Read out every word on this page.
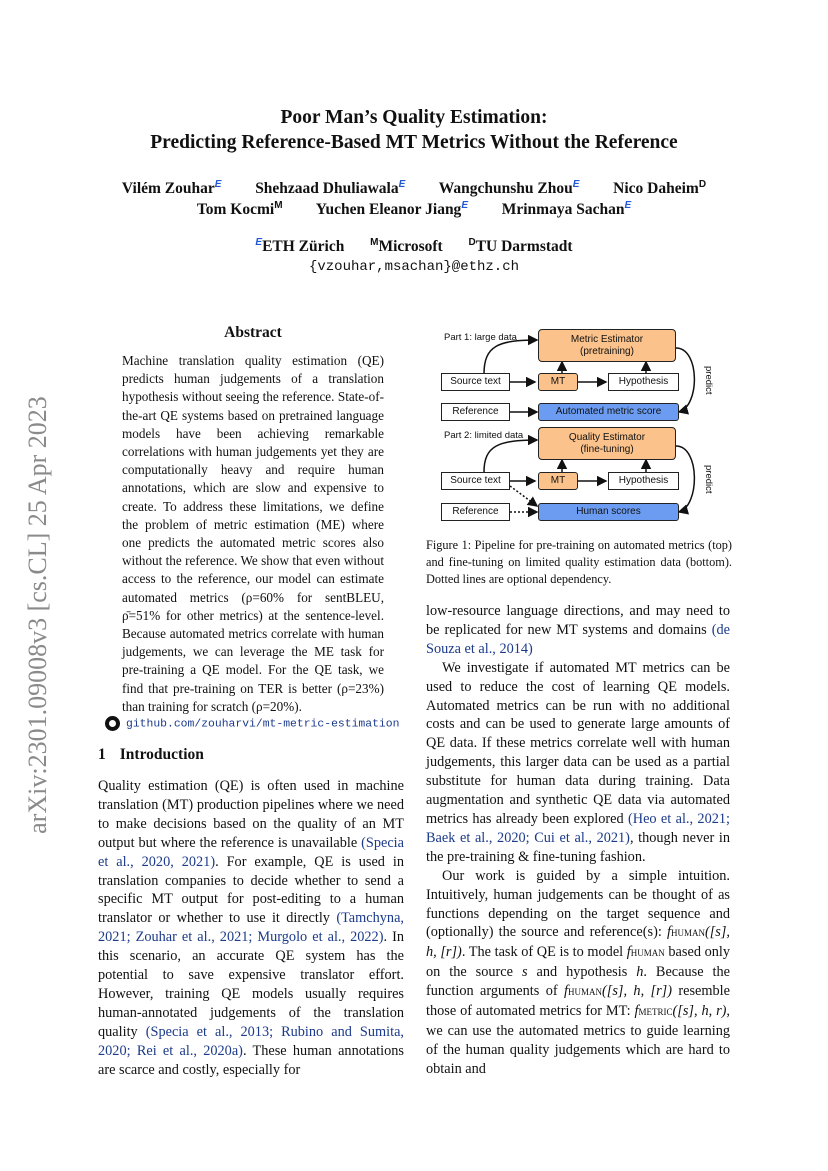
arXiv:2301.09008v3 [cs.CL] 25 Apr 2023
Poor Man’s Quality Estimation:
Predicting Reference-Based MT Metrics Without the Reference
Vilém Zouhar$^E$ Shehzaad Dhuliawala$^E$ Wangchunshu Zhou$^E$ Nico Daheim$^D$
Tom Kocmi$^M$ Yuchen Eleanor Jiang$^E$ Mrinmaya Sachan$^E$
$^E$ETH Zürich	$^M$Microsoft	$^D$TU Darmstadt
{vzouhar,msachan}@ethz.ch
Abstract

Machine translation quality estimation (QE) predicts human judgements of a translation hypothesis without seeing the reference. State-of-the-art QE systems based on pretrained language models have been achieving remarkable correlations with human judgements yet they are computationally heavy and require human annotations, which are slow and expensive to create. To address these limitations, we define the problem of metric estimation (ME) where one predicts the automated metric scores also without the reference. We show that even without access to the reference, our model can estimate automated metrics (ρ=60% for sentBLEU, ρ̄=51% for other metrics) at the sentence-level. Because automated metrics correlate with human judgements, we can leverage the ME task for pre-training a QE model. For the QE task, we find that pre-training on TER is better (ρ=23%) than training for scratch (ρ=20%).

github.com/zouharvi/mt-metric-estimation
1 Introduction

Quality estimation (QE) is often used in machine translation (MT) production pipelines where we need to make decisions based on the quality of an MT output but where the reference is unavailable (Specia et al., 2020, 2021). For example, QE is used in translation companies to decide whether to send a specific MT output for post-editing to a human translator or whether to use it directly (Tamchyna, 2021; Zouhar et al., 2021; Murgolo et al., 2022). In this scenario, an accurate QE system has the potential to save expensive translator effort. However, training QE models usually requires human-annotated judgements of the translation quality (Specia et al., 2013; Rubino and Sumita, 2020; Rei et al., 2020a). These human annotations are scarce and costly, especially for

Part 1: large data	Metric Estimator
(pretraining)
Source text	MT	Hypothesis	predict
Reference	Automated metric score
Part 2: limited data	Quality Estimator
(fine-tuning)
Source text	MT	Hypothesis	predict
Reference	Human scores
Figure 1: Pipeline for pre-training on automated metrics (top) and fine-tuning on limited quality estimation data (bottom). Dotted lines are optional dependency.

low-resource language directions, and may need to be replicated for new MT systems and domains (de Souza et al., 2014)

We investigate if automated MT metrics can be used to reduce the cost of learning QE models. Automated metrics can be run with no additional costs and can be used to generate large amounts of QE data. If these metrics correlate well with human judgements, this larger data can be used as a partial substitute for human data during training. Data augmentation and synthetic QE data via automated metrics has already been explored (Heo et al., 2021; Baek et al., 2020; Cui et al., 2021), though never in the pre-training & fine-tuning fashion.

Our work is guided by a simple intuition. Intuitively, human judgements can be thought of as functions depending on the target sequence and (optionally) the source and reference(s): fHUMAN([s], h, [r]). The task of QE is to model fHUMAN based only on the source s and hypothesis h. Because the function arguments of fHUMAN([s], h, [r]) resemble those of automated metrics for MT: fMETRIC([s], h, r), we can use the automated metrics to guide learning of the human quality judgements which are hard to obtain and
